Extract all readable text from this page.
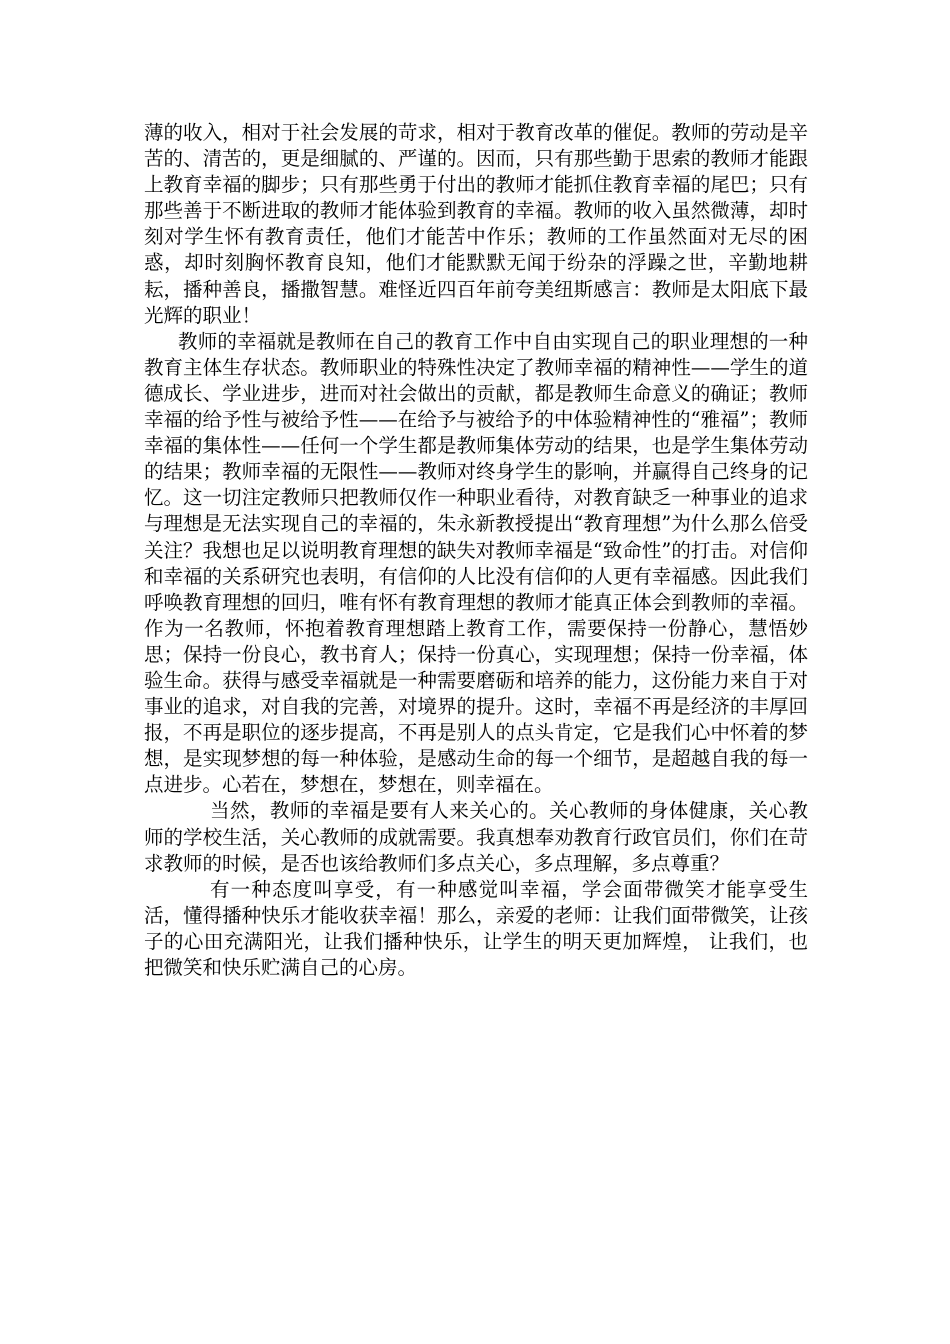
薄的收入，相对于社会发展的苛求，相对于教育改革的催促。教师的劳动是辛苦的、清苦的，更是细腻的、严谨的。因而，只有那些勤于思索的教师才能跟上教育幸福的脚步；只有那些勇于付出的教师才能抓住教育幸福的尾巴；只有那些善于不断进取的教师才能体验到教育的幸福。教师的收入虽然微薄，却时刻对学生怀有教育责任，他们才能苦中作乐；教师的工作虽然面对无尽的困惑，却时刻胸怀教育良知，他们才能默默无闻于纷杂的浮躁之世，辛勤地耕耘，播种善良，播撒智慧。难怪近四百年前夸美纽斯感言：教师是太阳底下最光辉的职业！

教师的幸福就是教师在自己的教育工作中自由实现自己的职业理想的一种教育主体生存状态。教师职业的特殊性决定了教师幸福的精神性——学生的道德成长、学业进步，进而对社会做出的贡献，都是教师生命意义的确证；教师幸福的给予性与被给予性——在给予与被给予的中体验精神性的“雅福”；教师幸福的集体性——任何一个学生都是教师集体劳动的结果，也是学生集体劳动的结果；教师幸福的无限性——教师对终身学生的影响，并赢得自己终身的记忆。这一切注定教师只把教师仅作一种职业看待，对教育缺乏一种事业的追求与理想是无法实现自己的幸福的，朱永新教授提出“教育理想”为什么那么倍受关注？我想也足以说明教育理想的缺失对教师幸福是“致命性”的打击。对信仰和幸福的关系研究也表明，有信仰的人比没有信仰的人更有幸福感。因此我们呼唤教育理想的回归，唯有怀有教育理想的教师才能真正体会到教师的幸福。作为一名教师，怀抱着教育理想踏上教育工作，需要保持一份静心，慧悟妙思；保持一份良心，教书育人；保持一份真心，实现理想；保持一份幸福，体验生命。获得与感受幸福就是一种需要磨砺和培养的能力，这份能力来自于对事业的追求，对自我的完善，对境界的提升。这时，幸福不再是经济的丰厚回报，不再是职位的逐步提高，不再是别人的点头肯定，它是我们心中怀着的梦想，是实现梦想的每一种体验，是感动生命的每一个细节，是超越自我的每一点进步。心若在，梦想在，梦想在，则幸福在。

当然，教师的幸福是要有人来关心的。关心教师的身体健康，关心教师的学校生活，关心教师的成就需要。我真想奉劝教育行政官员们，你们在苛求教师的时候，是否也该给教师们多点关心，多点理解，多点尊重？

有一种态度叫享受，有一种感觉叫幸福，学会面带微笑才能享受生活，懂得播种快乐才能收获幸福！那么，亲爱的老师：让我们面带微笑，让孩子的心田充满阳光，让我们播种快乐，让学生的明天更加辉煌， 让我们，也把微笑和快乐贮满自己的心房。
